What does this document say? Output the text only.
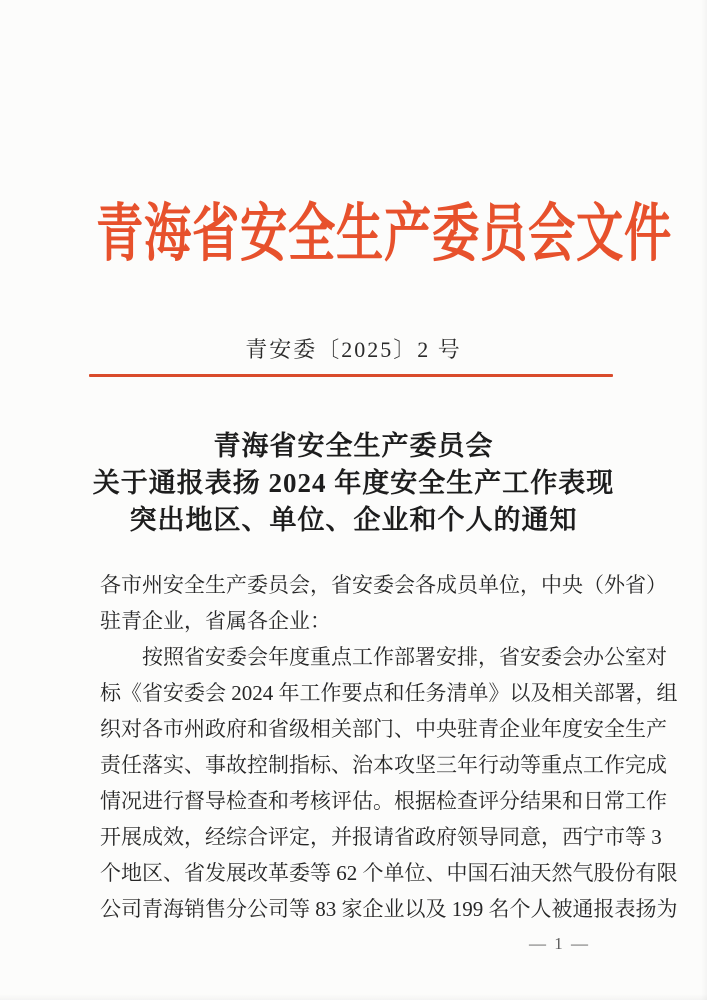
青海省安全生产委员会文件
青安委〔2025〕2 号
青海省安全生产委员会
关于通报表扬 2024 年度安全生产工作表现
突出地区、单位、企业和个人的通知
各市州安全生产委员会，省安委会各成员单位，中央（外省）
驻青企业，省属各企业：
　　按照省安委会年度重点工作部署安排，省安委会办公室对
标《省安委会 2024 年工作要点和任务清单》以及相关部署，组
织对各市州政府和省级相关部门、中央驻青企业年度安全生产
责任落实、事故控制指标、治本攻坚三年行动等重点工作完成
情况进行督导检查和考核评估。根据检查评分结果和日常工作
开展成效，经综合评定，并报请省政府领导同意，西宁市等 3
个地区、省发展改革委等 62 个单位、中国石油天然气股份有限
公司青海销售分公司等 83 家企业以及 199 名个人被通报表扬为
— 1 —
